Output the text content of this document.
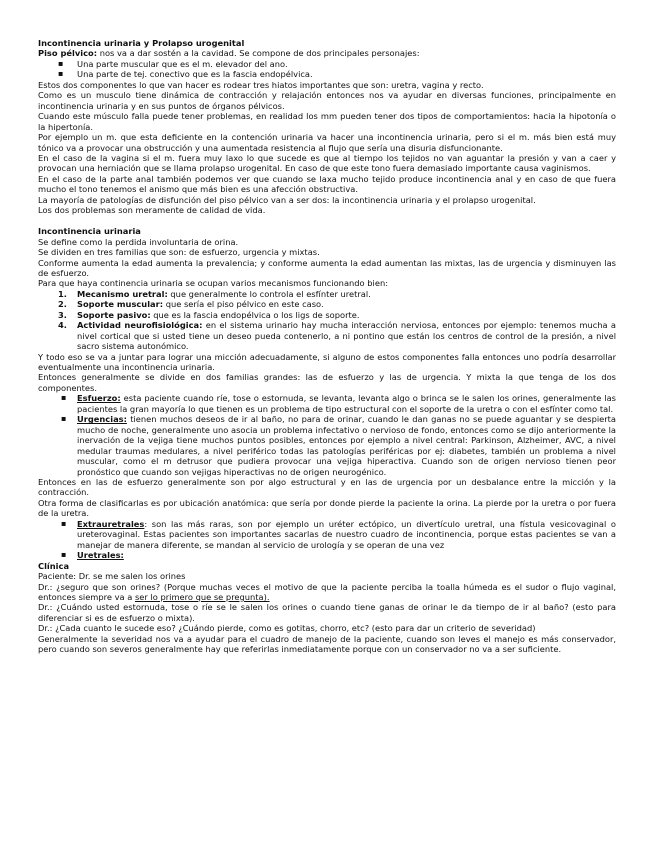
Incontinencia urinaria y Prolapso urogenital

Piso pélvico: nos va a dar sostén a la cavidad. Se compone de dos principales personajes:

▪ Una parte muscular que es el m. elevador del ano.
▪ Una parte de tej. conectivo que es la fascia endopélvica.

Estos dos componentes lo que van hacer es rodear tres hiatos importantes que son: uretra, vagina y recto.

Como es un musculo tiene dinámica de contracción y relajación entonces nos va ayudar en diversas funciones, principalmente en incontinencia urinaria y en sus puntos de órganos pélvicos.

Cuando este músculo falla puede tener problemas, en realidad los mm pueden tener dos tipos de comportamientos: hacia la hipotonía o la hipertonía.

Por ejemplo un m. que esta deficiente en la contención urinaria va hacer una incontinencia urinaria, pero si el m. más bien está muy tónico va a provocar una obstrucción y una aumentada resistencia al flujo que sería una disuria disfuncionante.

En el caso de la vagina si el m. fuera muy laxo lo que sucede es que al tiempo los tejidos no van aguantar la presión y van a caer y provocan una herniación que se llama prolapso urogenital. En caso de que este tono fuera demasiado importante causa vaginismos.

En el caso de la parte anal también podemos ver que cuando se laxa mucho tejido produce incontinencia anal y en caso de que fuera mucho el tono tenemos el anismo que más bien es una afección obstructiva.

La mayoría de patologías de disfunción del piso pélvico van a ser dos: la incontinencia urinaria y el prolapso urogenital.

Los dos problemas son meramente de calidad de vida.

Incontinencia urinaria

Se define como la perdida involuntaria de orina.

Se dividen en tres familias que son: de esfuerzo, urgencia y mixtas.

Conforme aumenta la edad aumenta la prevalencia; y conforme aumenta la edad aumentan las mixtas, las de urgencia y disminuyen las de esfuerzo.

Para que haya continencia urinaria se ocupan varios mecanismos funcionando bien:

1. Mecanismo uretral: que generalmente lo controla el esfínter uretral.
2. Soporte muscular: que sería el piso pélvico en este caso.
3. Soporte pasivo: que es la fascia endopélvica o los ligs de soporte.
4. Actividad neurofisiológica: en el sistema urinario hay mucha interacción nerviosa, entonces por ejemplo: tenemos mucha a nivel cortical que si usted tiene un deseo pueda contenerlo, a ni pontino que están los centros de control de la presión, a nivel sacro sistema autonómico.

Y todo eso se va a juntar para lograr una micción adecuadamente, si alguno de estos componentes falla entonces uno podría desarrollar eventualmente una incontinencia urinaria.

Entonces generalmente se divide en dos familias grandes: las de esfuerzo y las de urgencia. Y mixta la que tenga de los dos componentes.

▪ Esfuerzo: esta paciente cuando ríe, tose o estornuda, se levanta, levanta algo o brinca se le salen los orines, generalmente las pacientes la gran mayoría lo que tienen es un problema de tipo estructural con el soporte de la uretra o con el esfínter como tal.
▪ Urgencias: tienen muchos deseos de ir al baño, no para de orinar, cuando le dan ganas no se puede aguantar y se despierta mucho de noche, generalmente uno asocia un problema infectativo o nervioso de fondo, entonces como se dijo anteriormente la inervación de la vejiga tiene muchos puntos posibles, entonces por ejemplo a nivel central: Parkinson, Alzheimer, AVC, a nivel medular traumas medulares, a nivel periférico todas las patologías periféricas por ej: diabetes, también un problema a nivel muscular, como el m detrusor que pudiera provocar una vejiga hiperactiva. Cuando son de origen nervioso tienen peor pronóstico que cuando son vejigas hiperactivas no de origen neurogénico.

Entonces en las de esfuerzo generalmente son por algo estructural y en las de urgencia por un desbalance entre la micción y la contracción.

Otra forma de clasificarlas es por ubicación anatómica: que sería por donde pierde la paciente la orina. La pierde por la uretra o por fuera de la uretra.

▪ Extrauretrales: son las más raras, son por ejemplo un uréter ectópico, un divertículo uretral, una fístula vesicovaginal o ureterovaginal. Estas pacientes son importantes sacarlas de nuestro cuadro de incontinencia, porque estas pacientes se van a manejar de manera diferente, se mandan al servicio de urología y se operan de una vez
▪ Uretrales:

Clínica

Paciente: Dr. se me salen los orines

Dr.: ¿seguro que son orines? (Porque muchas veces el motivo de que la paciente perciba la toalla húmeda es el sudor o flujo vaginal, entonces siempre va a ser lo primero que se pregunta).

Dr.: ¿Cuándo usted estornuda, tose o ríe se le salen los orines o cuando tiene ganas de orinar le da tiempo de ir al baño? (esto para diferenciar si es de esfuerzo o mixta).

Dr.: ¿Cada cuanto le sucede eso? ¿Cuándo pierde, como es gotitas, chorro, etc? (esto para dar un criterio de severidad)

Generalmente la severidad nos va a ayudar para el cuadro de manejo de la paciente, cuando son leves el manejo es más conservador, pero cuando son severos generalmente hay que referirlas inmediatamente porque con un conservador no va a ser suficiente.
